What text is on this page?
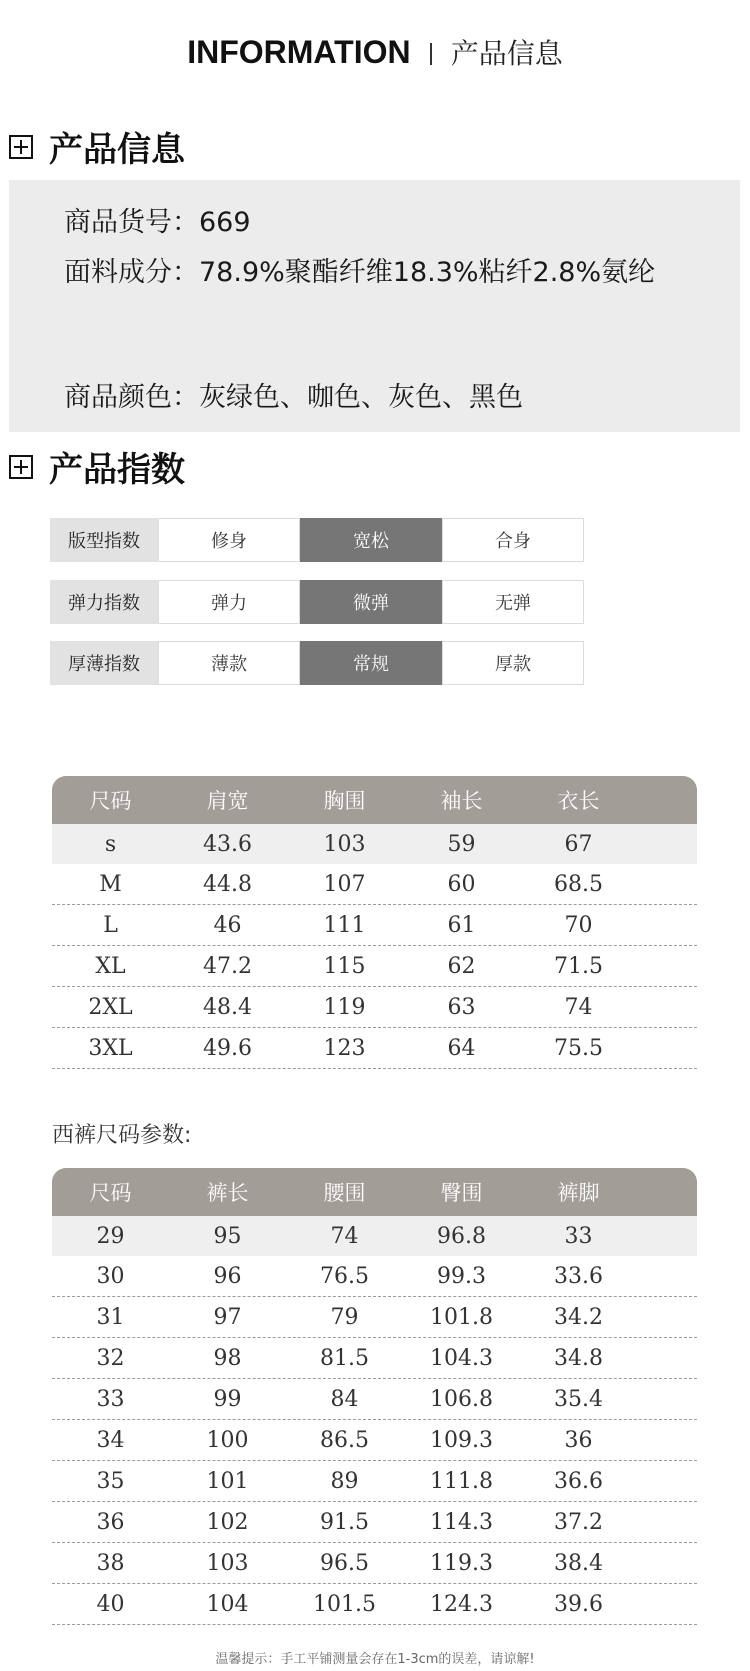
INFORMATION 产品信息
产品信息
商品货号：669
面料成分：78.9%聚酯纤维18.3%粘纤2.8%氨纶
商品颜色：灰绿色、咖色、灰色、黑色
产品指数
版型指数	修身	宽松	合身
弹力指数	弹力	微弹	无弹
厚薄指数	薄款	常规	厚款
尺码	肩宽	胸围	袖长	衣长
s	43.6	103	59	67
M	44.8	107	60	68.5
L	46	111	61	70
XL	47.2	115	62	71.5
2XL	48.4	119	63	74
3XL	49.6	123	64	75.5
西裤尺码参数:
尺码	裤长	腰围	臀围	裤脚
29	95	74	96.8	33
30	96	76.5	99.3	33.6
31	97	79	101.8	34.2
32	98	81.5	104.3	34.8
33	99	84	106.8	35.4
34	100	86.5	109.3	36
35	101	89	111.8	36.6
36	102	91.5	114.3	37.2
38	103	96.5	119.3	38.4
40	104	101.5	124.3	39.6
温馨提示：手工平铺测量会存在1-3cm的误差，请谅解!
